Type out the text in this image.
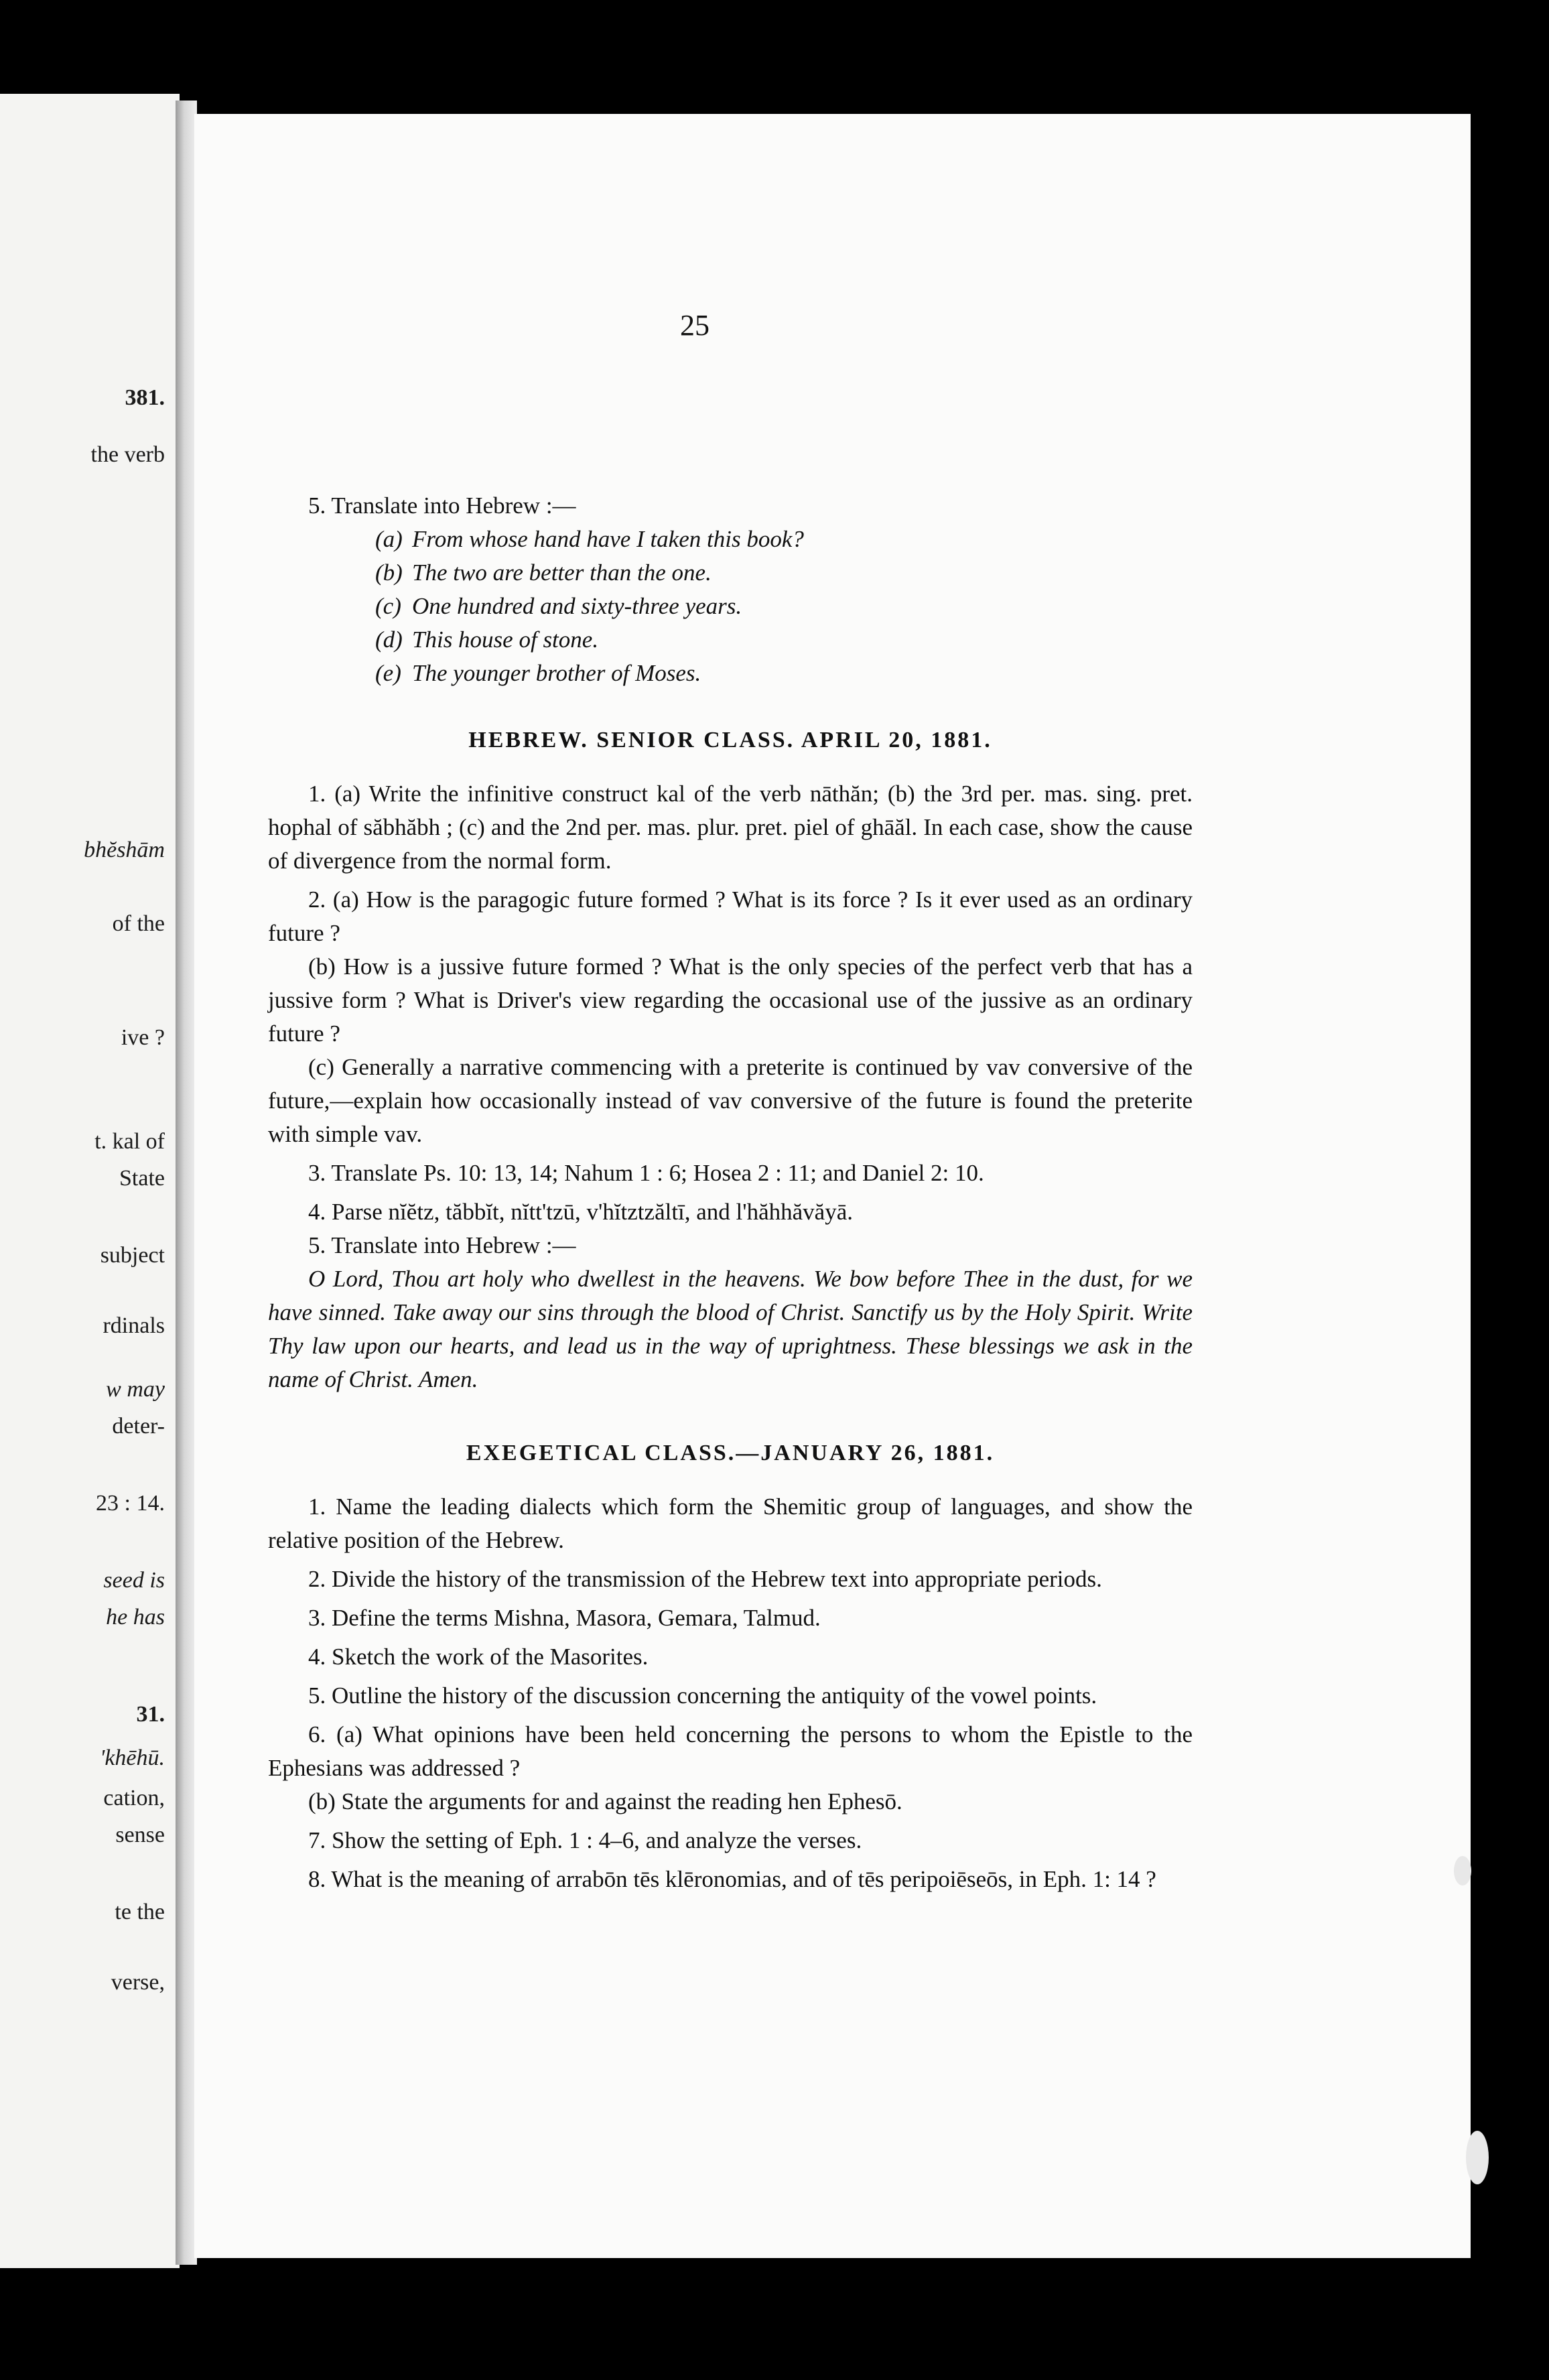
381.
the verb
bhĕshām
of the
ive ?
t. kal of
State
subject
rdinals
w may
deter-
23 : 14.
seed is
he has
31.
'khēhū.
cation,
sense
te the
verse,
25

5. Translate into Hebrew :—

(a) From whose hand have I taken this book?
(b) The two are better than the one.
(c) One hundred and sixty-three years.
(d) This house of stone.
(e) The younger brother of Moses.

HEBREW. SENIOR CLASS. APRIL 20, 1881.

1. (a) Write the infinitive construct kal of the verb nāthăn; (b) the 3rd per. mas. sing. pret. hophal of săbhăbh ; (c) and the 2nd per. mas. plur. pret. piel of ghāăl. In each case, show the cause of divergence from the normal form.

2. (a) How is the paragogic future formed ? What is its force ? Is it ever used as an ordinary future ?

(b) How is a jussive future formed ? What is the only species of the perfect verb that has a jussive form ? What is Driver's view regarding the occasional use of the jussive as an ordinary future ?

(c) Generally a narrative commencing with a preterite is continued by vav conversive of the future,—explain how occasionally instead of vav conversive of the future is found the preterite with simple vav.

3. Translate Ps. 10: 13, 14; Nahum 1 : 6; Hosea 2 : 11; and Daniel 2: 10.

4. Parse nĭĕtz, tăbbĭt, nĭtt'tzū, v'hĭtztzăltī, and l'hăhhăvăyā.

5. Translate into Hebrew :—

O Lord, Thou art holy who dwellest in the heavens. We bow before Thee in the dust, for we have sinned. Take away our sins through the blood of Christ. Sanctify us by the Holy Spirit. Write Thy law upon our hearts, and lead us in the way of uprightness. These blessings we ask in the name of Christ. Amen.

EXEGETICAL CLASS.—JANUARY 26, 1881.

1. Name the leading dialects which form the Shemitic group of languages, and show the relative position of the Hebrew.

2. Divide the history of the transmission of the Hebrew text into appropriate periods.

3. Define the terms Mishna, Masora, Gemara, Talmud.

4. Sketch the work of the Masorites.

5. Outline the history of the discussion concerning the antiquity of the vowel points.

6. (a) What opinions have been held concerning the persons to whom the Epistle to the Ephesians was addressed ?

(b) State the arguments for and against the reading hen Ephesō.

7. Show the setting of Eph. 1 : 4–6, and analyze the verses.

8. What is the meaning of arrabōn tēs klēronomias, and of tēs peripoiēseōs, in Eph. 1: 14 ?
